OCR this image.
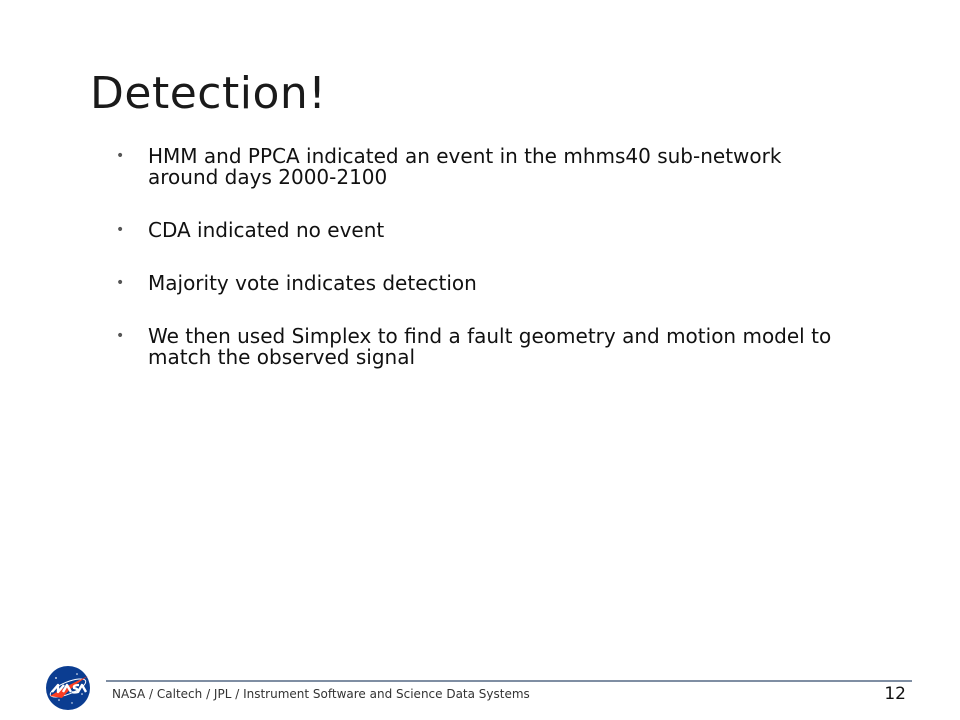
Detection!
• HMM and PPCA indicated an event in the mhms40 sub-network around days 2000-2100
• CDA indicated no event
• Majority vote indicates detection
• We then used Simplex to find a fault geometry and motion model to match the observed signal
NASA / Caltech / JPL / Instrument Software and Science Data Systems	12
